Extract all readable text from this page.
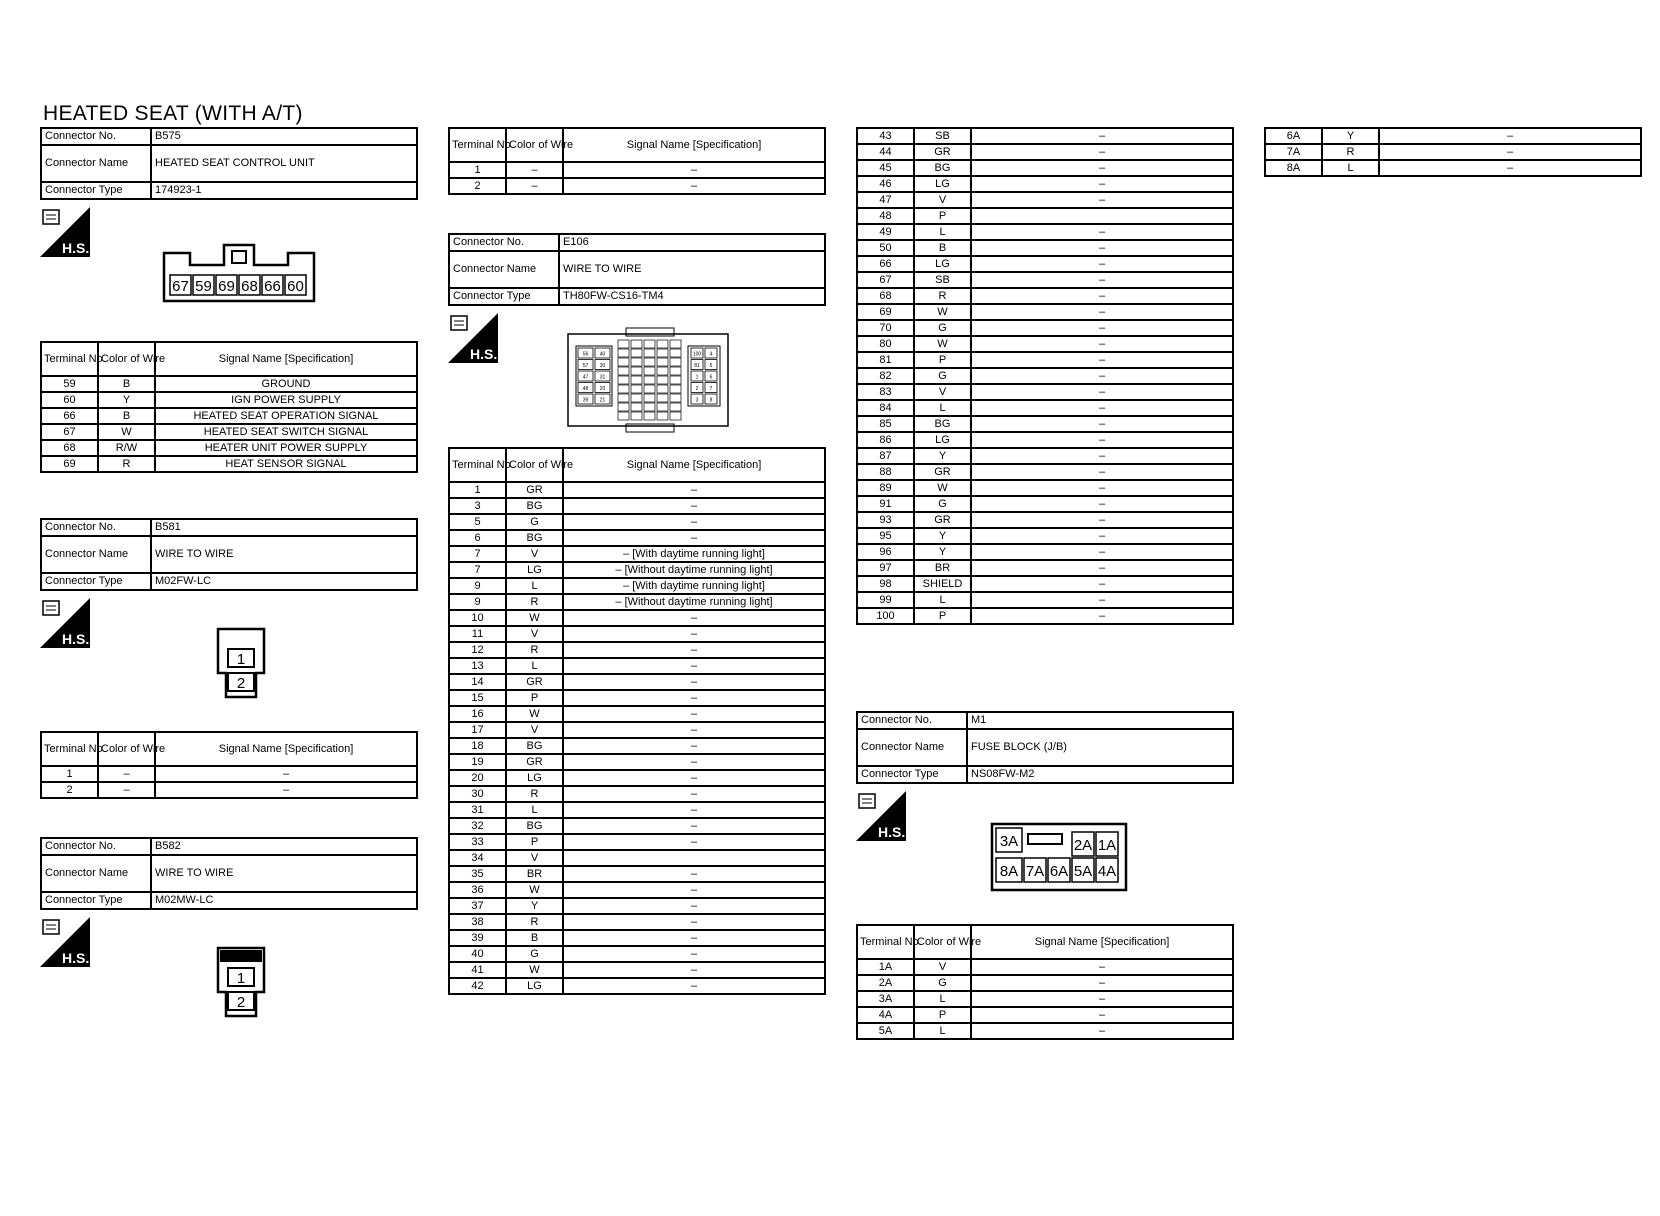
HEATED SEAT (WITH A/T)
Connector No.	B575
Connector Name	HEATED SEAT CONTROL UNIT
Connector Type	174923-1
H.S.
67 59 69 68 66 60
Terminal No.	Color of Wire	Signal Name [Specification]
59	B	GROUND
60	Y	IGN POWER SUPPLY
66	B	HEATED SEAT OPERATION SIGNAL
67	W	HEATED SEAT SWITCH SIGNAL
68	R/W	HEATER UNIT POWER SUPPLY
69	R	HEAT SENSOR SIGNAL
Connector No.	B581
Connector Name	WIRE TO WIRE
Connector Type	M02FW-LC
H.S.
1
2
Terminal No.	Color of Wire	Signal Name [Specification]
1	–	–
2	–	–
Connector No.	B582
Connector Name	WIRE TO WIRE
Connector Type	M02MW-LC
H.S.
1
2
Terminal No.	Color of Wire	Signal Name [Specification]
1	–	–
2	–	–
Connector No.	E106
Connector Name	WIRE TO WIRE
Connector Type	TH80FW-CS16-TM4
H.S.	56
57
47
48
39
40
30
31
20
21
100
81
1
2
3
4
5
6
7
8
Terminal No.	Color of Wire	Signal Name [Specification]
1	GR	–
3	BG	–
5	G	–
6	BG	–
7	V	– [With daytime running light]
7	LG	– [Without daytime running light]
9	L	– [With daytime running light]
9	R	– [Without daytime running light]
10	W	–
11	V	–
12	R	–
13	L	–
14	GR	–
15	P	–
16	W	–
17	V	–
18	BG	–
19	GR	–
20	LG	–
30	R	–
31	L	–
32	BG	–
33	P	–
34	V	
35	BR	–
36	W	–
37	Y	–
38	R	–
39	B	–
40	G	–
41	W	–
42	LG	–
43	SB	–
44	GR	–
45	BG	–
46	LG	–
47	V	–
48	P	
49	L	–
50	B	–
66	LG	–
67	SB	–
68	R	–
69	W	–
70	G	–
80	W	–
81	P	–
82	G	–
83	V	–
84	L	–
85	BG	–
86	LG	–
87	Y	–
88	GR	–
89	W	–
91	G	–
93	GR	–
95	Y	–
96	Y	–
97	BR	–
98	SHIELD	–
99	L	–
100	P	–
Connector No.	M1
Connector Name	FUSE BLOCK (J/B)
Connector Type	NS08FW-M2
H.S.
3A	2A 1A
8A 7A 6A 5A 4A
Terminal No.	Color of Wire	Signal Name [Specification]
1A	V	–
2A	G	–
3A	L	–
4A	P	–
5A	L	–
6A	Y	–
7A	R	–
8A	L	–
